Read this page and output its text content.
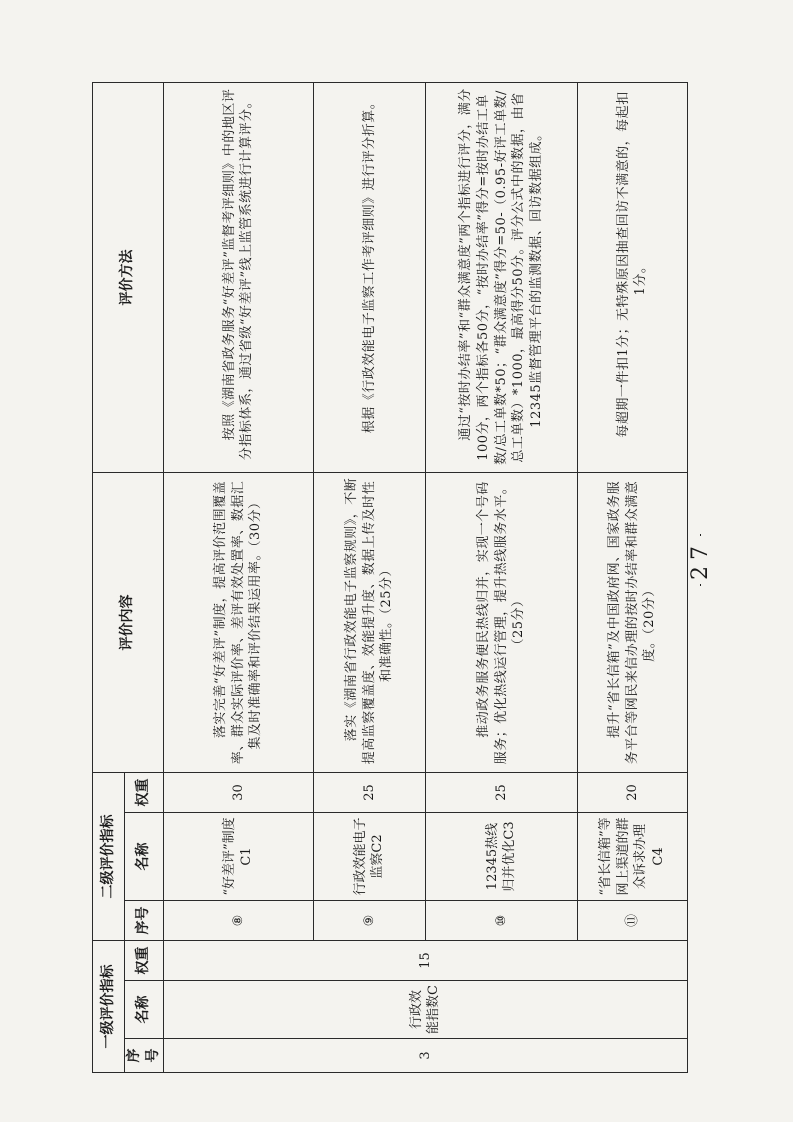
一级评价指标			二级评价指标			评价内容	评价方法
序号	名称	权重	序号	名称	权重		
3	行政效能指数C	15	⑧	“好差评”制度C1	30	落实完善“好差评”制度，提高评价范围覆盖率、群众实际评价率、差评有效处置率、数据汇集及时准确率和评价结果运用率。（30分）	按照《湖南省政务服务“好差评”监督考评细则》中的地区评分指标体系，通过省级“好差评”线上监管系统进行计算评分。
			⑨	行政效能电子监察C2	25	落实《湖南省行政效能电子监察规则》，不断提高监察覆盖度、效能提升度、数据上传及时性和准确性。（25分）	根据《行政效能电子监察工作考评细则》进行评分折算。
			⑩	12345热线归并优化C3	25	推动政务服务便民热线归并，实现一个号码服务；优化热线运行管理，提升热线服务水平。（25分）	通过“按时办结率”和“群众满意度”两个指标进行评分，满分100分，两个指标各50分，“按时办结率”得分=按时办结工单数/总工单数*50；“群众满意度”得分=50-（0.95-好评工单数/总工单数）*1000，最高得分50分。评分公式中的数据，由省12345监督管理平台的监测数据、回访数据组成。
			⑪	“省长信箱”等网上渠道的群众诉求办理C4	20	提升“省长信箱”及中国政府网、国家政务服务平台等网民来信办理的按时办结率和群众满意度。（20分）	每超期一件扣1分；无特殊原因抽查回访不满意的，每起扣1分。
27
